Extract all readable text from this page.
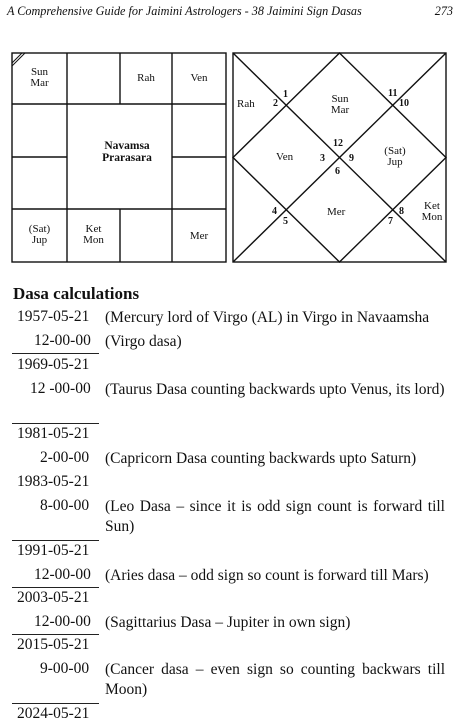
A Comprehensive Guide for Jaimini Astrologers - 38 Jaimini Sign Dasas	273
Sun
Mar	Rah	Ven
Navamsa
Prarasara
(Sat)
Jup
Ket
Mon	Mer
Sun
Mar
Rah
Ven	(Sat)
Jup
Mer	Ket
Mon
1
2
11
10
12
3 9
6
4
5
8
7
Dasa calculations
1957-05-21 (Mercury lord of Virgo (AL) in Virgo in Navaamsha
12-00-00 (Virgo dasa)
1969-05-21
12 -00-00 (Taurus Dasa counting backwards upto Venus, its lord)
1981-05-21
2-00-00 (Capricorn Dasa counting backwards upto Saturn)
1983-05-21
8-00-00 (Leo Dasa – since it is odd sign count is forward till Sun)
1991-05-21
12-00-00 (Aries dasa – odd sign so count is forward till Mars)
2003-05-21
12-00-00 (Sagittarius Dasa – Jupiter in own sign)
2015-05-21
9-00-00 (Cancer dasa – even sign so counting backwars till Moon)
2024-05-21
